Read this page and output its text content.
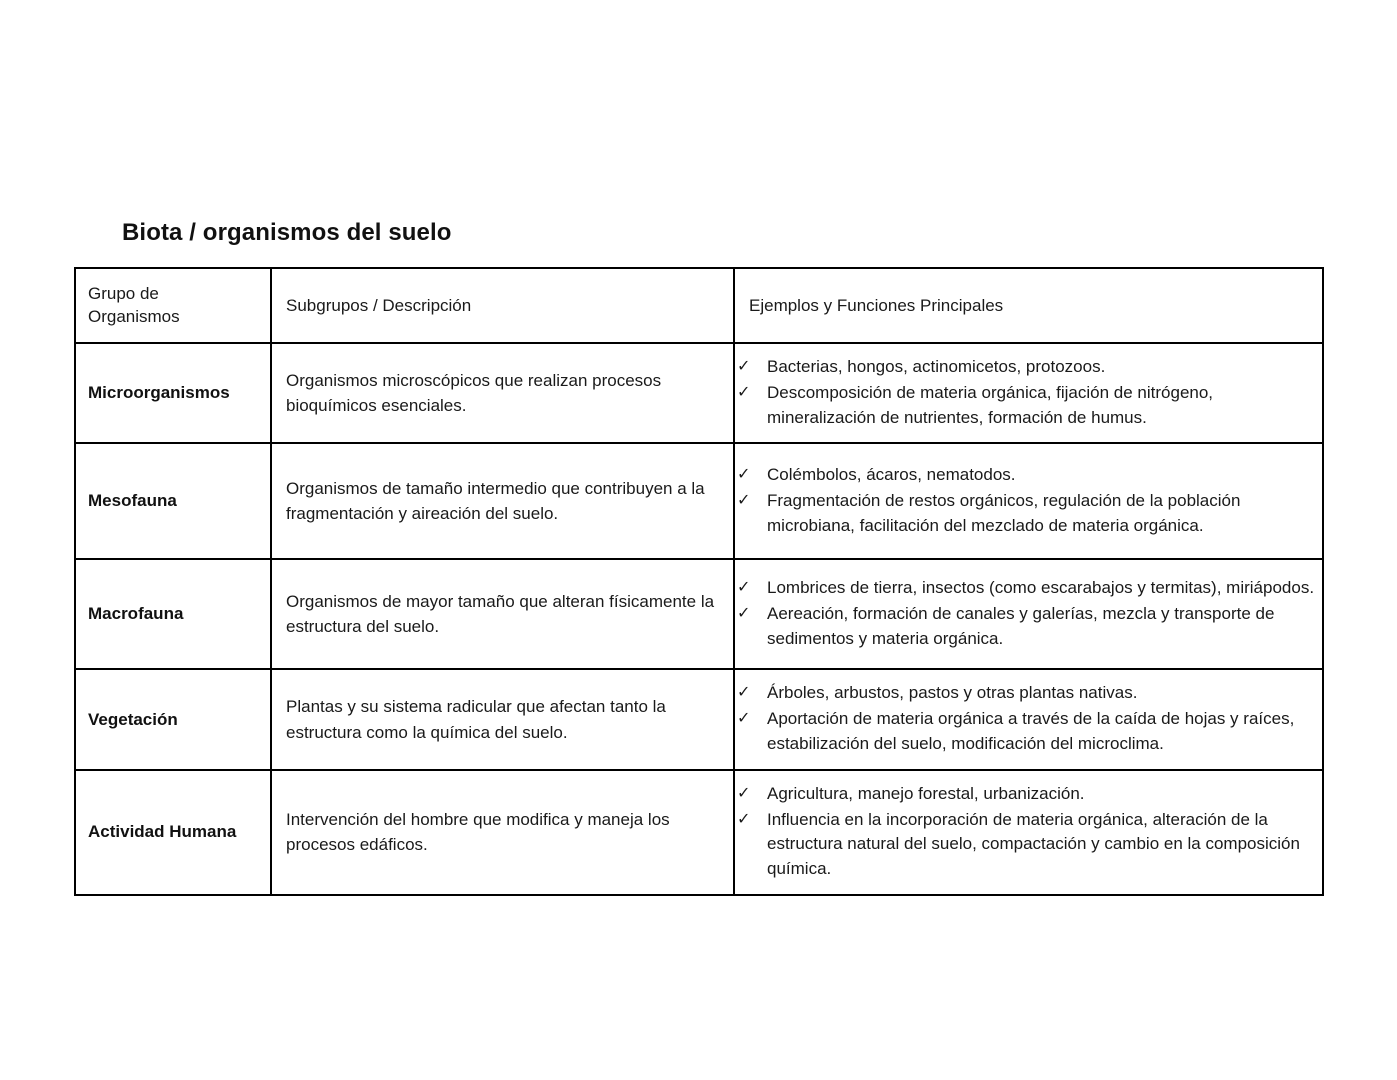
Biota / organismos del suelo
Grupo de
Organismos	Subgrupos / Descripción	Ejemplos y Funciones Principales

Microorganismos	Organismos microscópicos que realizan procesos bioquímicos esenciales.	✓ Bacterias, hongos, actinomicetos, protozoos.
✓ Descomposición de materia orgánica, fijación de nitrógeno, mineralización de nutrientes, formación de humus.

Mesofauna	Organismos de tamaño intermedio que contribuyen a la fragmentación y aireación del suelo.	✓ Colémbolos, ácaros, nematodos.
✓ Fragmentación de restos orgánicos, regulación de la población microbiana, facilitación del mezclado de materia orgánica.

Macrofauna	Organismos de mayor tamaño que alteran físicamente la estructura del suelo.	✓ Lombrices de tierra, insectos (como escarabajos y termitas), miriápodos.
✓ Aereación, formación de canales y galerías, mezcla y transporte de sedimentos y materia orgánica.

Vegetación	Plantas y su sistema radicular que afectan tanto la estructura como la química del suelo.	✓ Árboles, arbustos, pastos y otras plantas nativas.
✓ Aportación de materia orgánica a través de la caída de hojas y raíces, estabilización del suelo, modificación del microclima.

Actividad Humana	Intervención del hombre que modifica y maneja los procesos edáficos.	✓ Agricultura, manejo forestal, urbanización.
✓ Influencia en la incorporación de materia orgánica, alteración de la estructura natural del suelo, compactación y cambio en la composición química.
